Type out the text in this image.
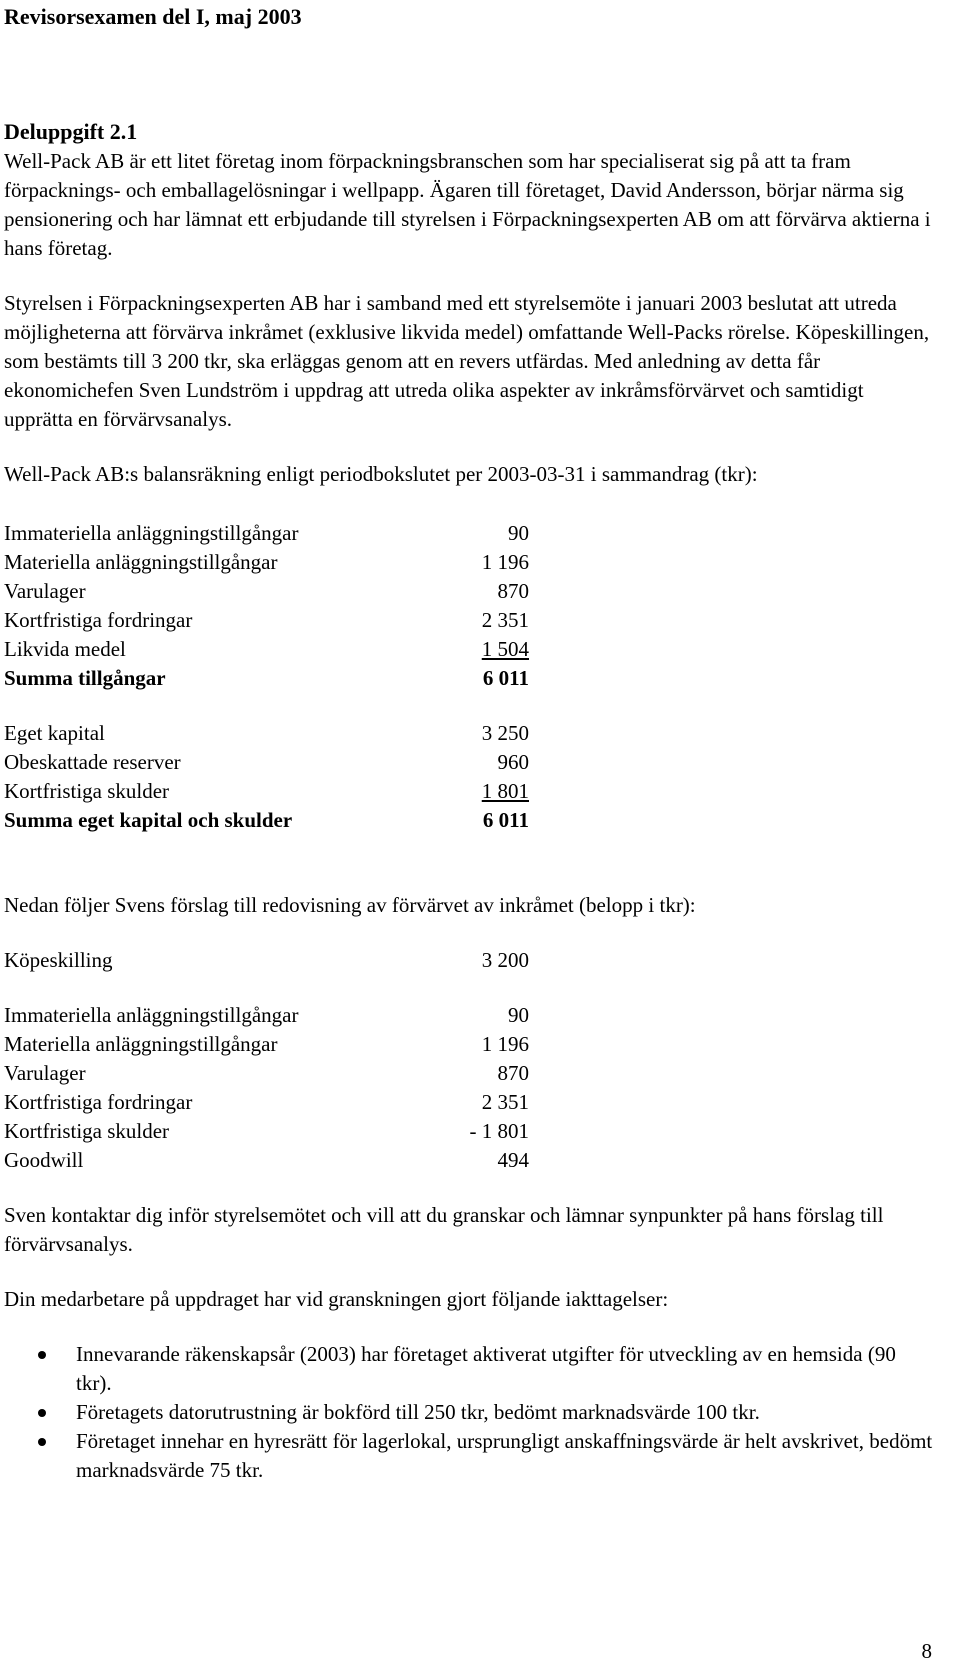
Revisorsexamen del I, maj 2003
Deluppgift 2.1

Well-Pack AB är ett litet företag inom förpackningsbranschen som har specialiserat sig på att ta fram förpacknings- och emballagelösningar i wellpapp. Ägaren till företaget, David Andersson, börjar närma sig pensionering och har lämnat ett erbjudande till styrelsen i Förpackningsexperten AB om att förvärva aktierna i hans företag.

Styrelsen i Förpackningsexperten AB har i samband med ett styrelsemöte i januari 2003 beslutat att utreda möjligheterna att förvärva inkråmet (exklusive likvida medel) omfattande Well-Packs rörelse. Köpeskillingen, som bestämts till 3 200 tkr, ska erläggas genom att en revers utfärdas. Med anledning av detta får ekonomichefen Sven Lundström i uppdrag att utreda olika aspekter av inkråmsförvärvet och samtidigt upprätta en förvärvsanalys.

Well-Pack AB:s balansräkning enligt periodbokslutet per 2003-03-31 i sammandrag (tkr):

Immateriella anläggningstillgångar	90
Materiella anläggningstillgångar	1 196
Varulager	870
Kortfristiga fordringar	2 351
Likvida medel	1 504
Summa tillgångar	6 011
Eget kapital	3 250
Obeskattade reserver	960
Kortfristiga skulder	1 801
Summa eget kapital och skulder	6 011

Nedan följer Svens förslag till redovisning av förvärvet av inkråmet (belopp i tkr):

Köpeskilling	3 200
Immateriella anläggningstillgångar	90
Materiella anläggningstillgångar	1 196
Varulager	870
Kortfristiga fordringar	2 351
Kortfristiga skulder	- 1 801
Goodwill	494

Sven kontaktar dig inför styrelsemötet och vill att du granskar och lämnar synpunkter på hans förslag till förvärvsanalys.

Din medarbetare på uppdraget har vid granskningen gjort följande iakttagelser:

Innevarande räkenskapsår (2003) har företaget aktiverat utgifter för utveckling av en hemsida (90 tkr).
Företagets datorutrustning är bokförd till 250 tkr, bedömt marknadsvärde 100 tkr.
Företaget innehar en hyresrätt för lagerlokal, ursprungligt anskaffningsvärde är helt avskrivet, bedömt marknadsvärde 75 tkr.
8
